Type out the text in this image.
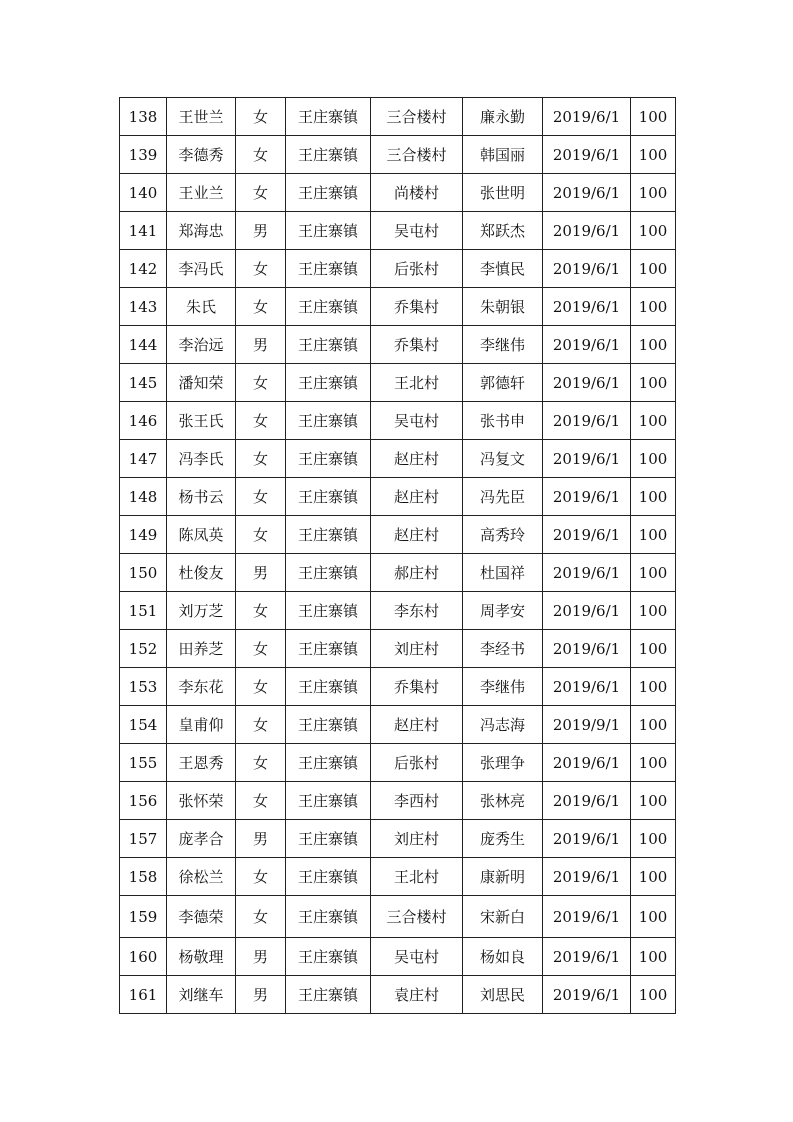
138	王世兰	女	王庄寨镇	三合楼村	廉永勤	2019/6/1	100
139	李德秀	女	王庄寨镇	三合楼村	韩国丽	2019/6/1	100
140	王业兰	女	王庄寨镇	尚楼村	张世明	2019/6/1	100
141	郑海忠	男	王庄寨镇	吴屯村	郑跃杰	2019/6/1	100
142	李冯氏	女	王庄寨镇	后张村	李慎民	2019/6/1	100
143	朱氏	女	王庄寨镇	乔集村	朱朝银	2019/6/1	100
144	李治远	男	王庄寨镇	乔集村	李继伟	2019/6/1	100
145	潘知荣	女	王庄寨镇	王北村	郭德轩	2019/6/1	100
146	张王氏	女	王庄寨镇	吴屯村	张书申	2019/6/1	100
147	冯李氏	女	王庄寨镇	赵庄村	冯复文	2019/6/1	100
148	杨书云	女	王庄寨镇	赵庄村	冯先臣	2019/6/1	100
149	陈凤英	女	王庄寨镇	赵庄村	高秀玲	2019/6/1	100
150	杜俊友	男	王庄寨镇	郝庄村	杜国祥	2019/6/1	100
151	刘万芝	女	王庄寨镇	李东村	周孝安	2019/6/1	100
152	田养芝	女	王庄寨镇	刘庄村	李经书	2019/6/1	100
153	李东花	女	王庄寨镇	乔集村	李继伟	2019/6/1	100
154	皇甫仰	女	王庄寨镇	赵庄村	冯志海	2019/9/1	100
155	王恩秀	女	王庄寨镇	后张村	张理争	2019/6/1	100
156	张怀荣	女	王庄寨镇	李西村	张林亮	2019/6/1	100
157	庞孝合	男	王庄寨镇	刘庄村	庞秀生	2019/6/1	100
158	徐松兰	女	王庄寨镇	王北村	康新明	2019/6/1	100
159	李德荣	女	王庄寨镇	三合楼村	宋新白	2019/6/1	100
160	杨敬理	男	王庄寨镇	吴屯村	杨如良	2019/6/1	100
161	刘继车	男	王庄寨镇	袁庄村	刘思民	2019/6/1	100
